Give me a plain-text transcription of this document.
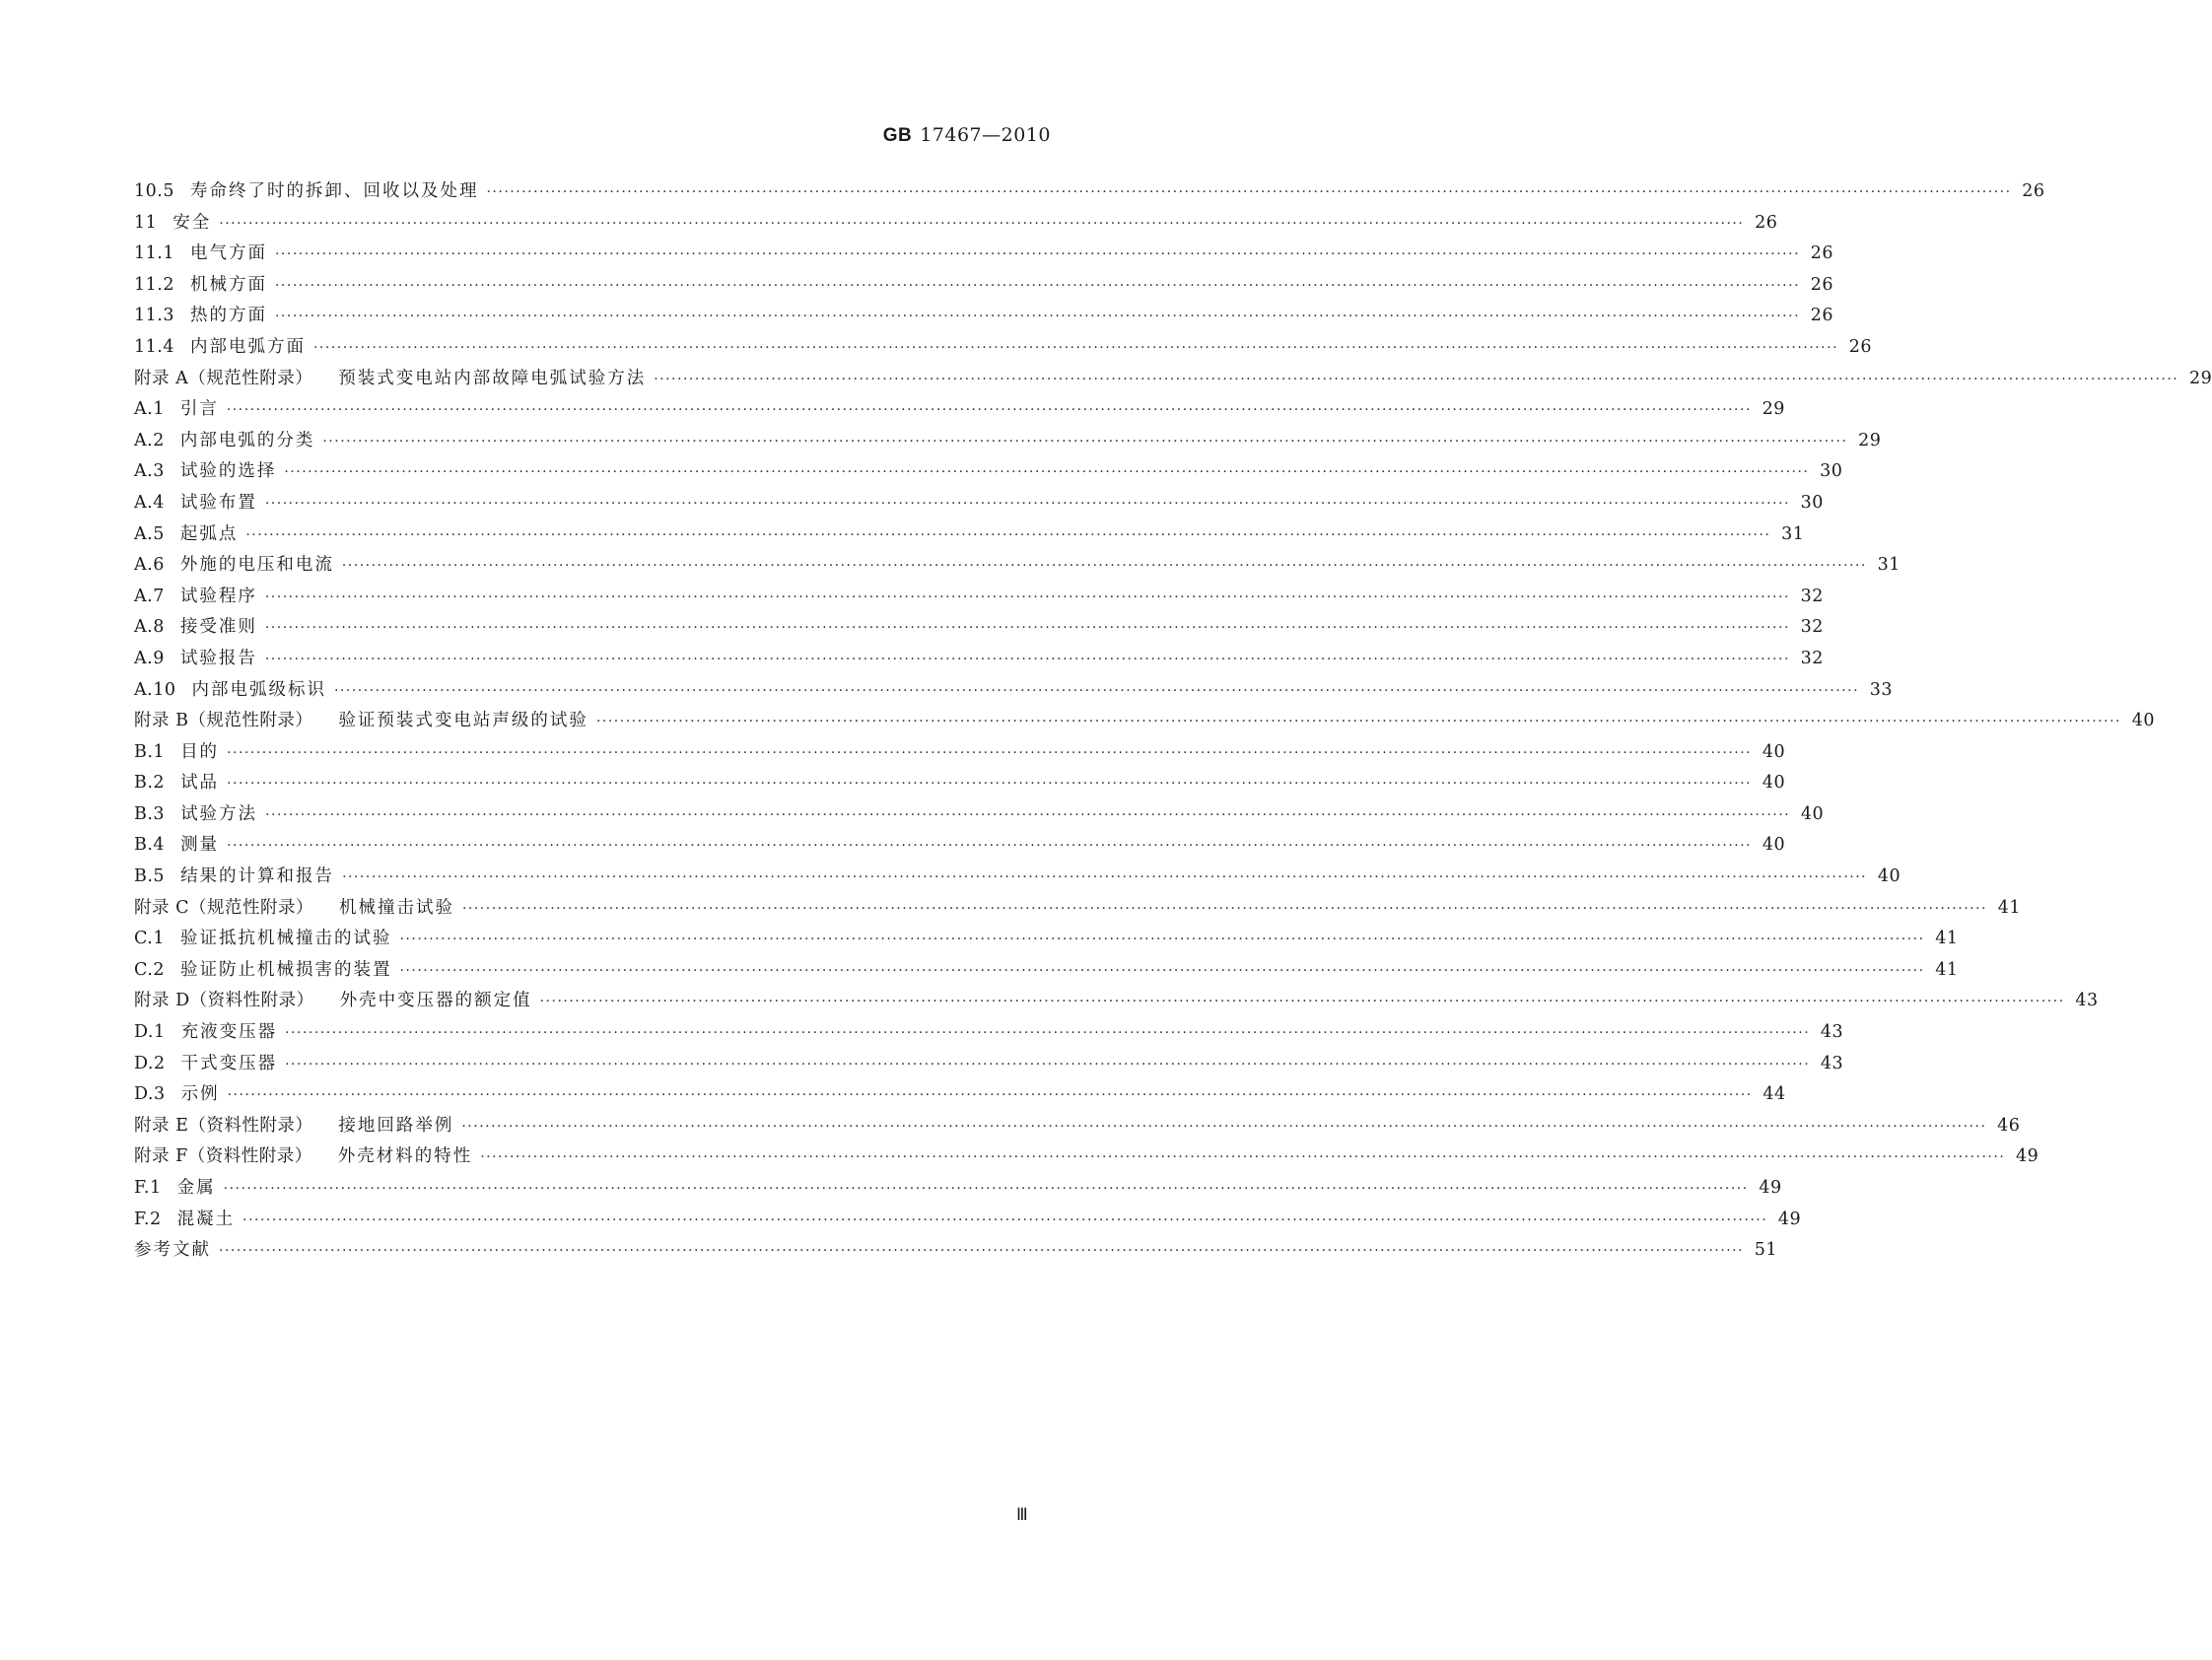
GB 17467—2010
10.5 寿命终了时的拆卸、回收以及处理 ···································································································································································································································································· 26
11 安全 ···································································································································································································································································· 26
11.1 电气方面 ···································································································································································································································································· 26
11.2 机械方面 ···································································································································································································································································· 26
11.3 热的方面 ···································································································································································································································································· 26
11.4 内部电弧方面 ···································································································································································································································································· 26
附录 A（规范性附录） 预装式变电站内部故障电弧试验方法 ···································································································································································································································································· 29
A.1 引言 ···································································································································································································································································· 29
A.2 内部电弧的分类 ···································································································································································································································································· 29
A.3 试验的选择 ···································································································································································································································································· 30
A.4 试验布置 ···································································································································································································································································· 30
A.5 起弧点 ···································································································································································································································································· 31
A.6 外施的电压和电流 ···································································································································································································································································· 31
A.7 试验程序 ···································································································································································································································································· 32
A.8 接受准则 ···································································································································································································································································· 32
A.9 试验报告 ···································································································································································································································································· 32
A.10 内部电弧级标识 ···································································································································································································································································· 33
附录 B（规范性附录） 验证预装式变电站声级的试验 ···································································································································································································································································· 40
B.1 目的 ···································································································································································································································································· 40
B.2 试品 ···································································································································································································································································· 40
B.3 试验方法 ···································································································································································································································································· 40
B.4 测量 ···································································································································································································································································· 40
B.5 结果的计算和报告 ···································································································································································································································································· 40
附录 C（规范性附录） 机械撞击试验 ···································································································································································································································································· 41
C.1 验证抵抗机械撞击的试验 ···································································································································································································································································· 41
C.2 验证防止机械损害的装置 ···································································································································································································································································· 41
附录 D（资料性附录） 外壳中变压器的额定值 ···································································································································································································································································· 43
D.1 充液变压器 ···································································································································································································································································· 43
D.2 干式变压器 ···································································································································································································································································· 43
D.3 示例 ···································································································································································································································································· 44
附录 E（资料性附录） 接地回路举例 ···································································································································································································································································· 46
附录 F（资料性附录） 外壳材料的特性 ···································································································································································································································································· 49
F.1 金属 ···································································································································································································································································· 49
F.2 混凝土 ···································································································································································································································································· 49
参考文献 ···································································································································································································································································· 51
Ⅲ
